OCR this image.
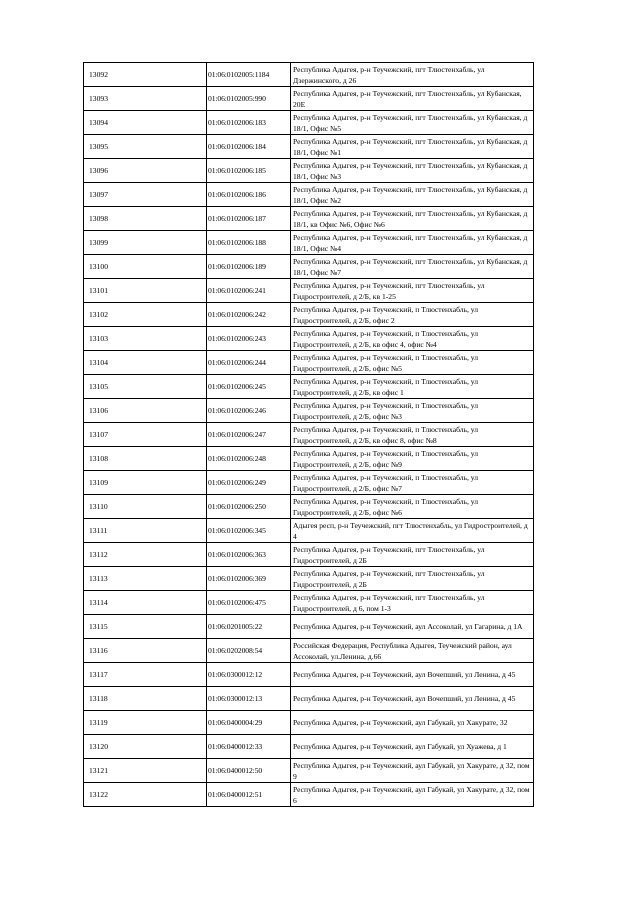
13092	01:06:0102005:1184	Республика Адыгея, р-н Теучежский, пгт Тлюстенхабль, ул Дзержинского, д 26
13093	01:06:0102005:990	Республика Адыгея, р-н Теучежский, пгт Тлюстенхабль, ул Кубанская, 20Е
13094	01:06:0102006:183	Республика Адыгея, р-н Теучежский, пгт Тлюстенхабль, ул Кубанская, д 18/1, Офис №5
13095	01:06:0102006:184	Республика Адыгея, р-н Теучежский, пгт Тлюстенхабль, ул Кубанская, д 18/1, Офис №1
13096	01:06:0102006:185	Республика Адыгея, р-н Теучежский, пгт Тлюстенхабль, ул Кубанская, д 18/1, Офис №3
13097	01:06:0102006:186	Республика Адыгея, р-н Теучежский, пгт Тлюстенхабль, ул Кубанская, д 18/1, Офис №2
13098	01:06:0102006:187	Республика Адыгея, р-н Теучежский, пгт Тлюстенхабль, ул Кубанская, д 18/1, кв Офис №6, Офис №6
13099	01:06:0102006:188	Республика Адыгея, р-н Теучежский, пгт Тлюстенхабль, ул Кубанская, д 18/1, Офис №4
13100	01:06:0102006:189	Республика Адыгея, р-н Теучежский, пгт Тлюстенхабль, ул Кубанская, д 18/1, Офис №7
13101	01:06:0102006:241	Республика Адыгея, р-н Теучежский, пгт Тлюстенхабль, ул Гидростроителей, д 2/Б, кв 1-25
13102	01:06:0102006:242	Республика Адыгея, р-н Теучежский, п Тлюстенхабль, ул Гидростроителей, д 2/Б, офис 2
13103	01:06:0102006:243	Республика Адыгея, р-н Теучежский, п Тлюстенхабль, ул Гидростроителей, д 2/Б, кв офис 4, офис №4
13104	01:06:0102006:244	Республика Адыгея, р-н Теучежский, п Тлюстенхабль, ул Гидростроителей, д 2/Б, офис №5
13105	01:06:0102006:245	Республика Адыгея, р-н Теучежский, п Тлюстенхабль, ул Гидростроителей, д 2/Б, кв офис 1
13106	01:06:0102006:246	Республика Адыгея, р-н Теучежский, п Тлюстенхабль, ул Гидростроителей, д 2/Б, офис №3
13107	01:06:0102006:247	Республика Адыгея, р-н Теучежский, п Тлюстенхабль, ул Гидростроителей, д 2/Б, кв офис 8, офис №8
13108	01:06:0102006:248	Республика Адыгея, р-н Теучежский, п Тлюстенхабль, ул Гидростроителей, д 2/Б, офис №9
13109	01:06:0102006:249	Республика Адыгея, р-н Теучежский, п Тлюстенхабль, ул Гидростроителей, д 2/Б, офис №7
13110	01:06:0102006:250	Республика Адыгея, р-н Теучежский, п Тлюстенхабль, ул Гидростроителей, д 2/Б, офис №6
13111	01:06:0102006:345	Адыгея респ, р-н Теучежский, пгт Тлюстенхабль, ул Гидростроителей, д 4
13112	01:06:0102006:363	Республика Адыгея, р-н Теучежский, пгт Тлюстенхабль, ул Гидростроителей, д 2Б
13113	01:06:0102006:369	Республика Адыгея, р-н Теучежский, пгт Тлюстенхабль, ул Гидростроителей, д 2Б
13114	01:06:0102006:475	Республика Адыгея, р-н Теучежский, пгт Тлюстенхабль, ул Гидростроителей, д 6, пом 1-3
13115	01:06:0201005:22	Республика Адыгея, р-н Теучежский, аул Ассоколай, ул Гагарина, д 1А
13116	01:06:0202008:54	Российская Федерация, Республика Адыгея, Теучежский район, аул Ассоколай, ул.Ленина, д.66
13117	01:06:0300012:12	Республика Адыгея, р-н Теучежский, аул Вочепший, ул Ленина, д 45
13118	01:06:0300012:13	Республика Адыгея, р-н Теучежский, аул Вочепший, ул Ленина, д 45
13119	01:06:0400004:29	Республика Адыгея, р-н Теучежский, аул Габукай, ул Хакурате, 32
13120	01:06:0400012:33	Республика Адыгея, р-н Теучежский, аул Габукай, ул Хуажева, д 1
13121	01:06:0400012:50	Республика Адыгея, р-н Теучежский, аул Габукай, ул Хакурате, д 32, пом 9
13122	01:06:0400012:51	Республика Адыгея, р-н Теучежский, аул Габукай, ул Хакурате, д 32, пом 6
